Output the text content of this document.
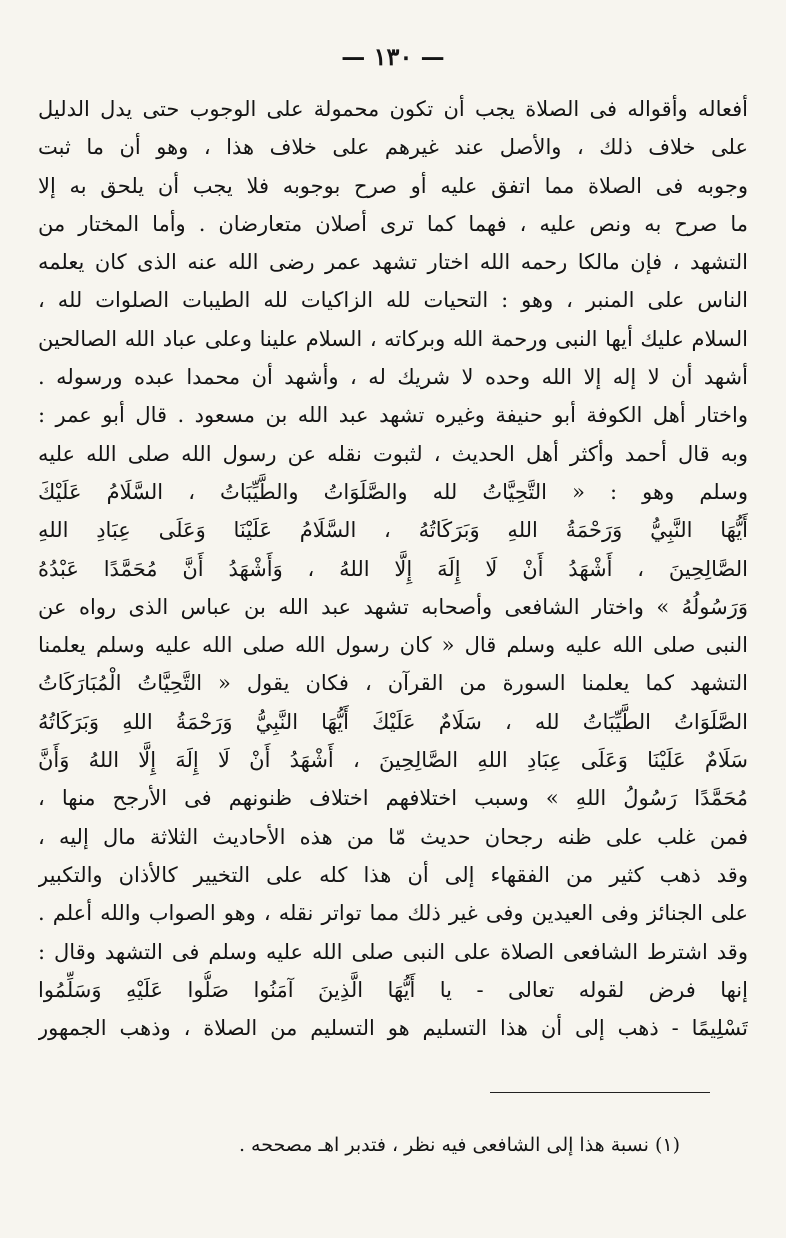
— ١٣٠ —
أفعاله وأقواله فى الصلاة يجب أن تكون محمولة على الوجوب حتى يدل الدليل
على خلاف ذلك ، والأصل عند غيرهم على خلاف هذا ، وهو أن ما ثبت
وجوبه فى الصلاة مما اتفق عليه أو صرح بوجوبه فلا يجب أن يلحق به إلا
ما صرح به ونص عليه ، فهما كما ترى أصلان متعارضان . وأما المختار من
التشهد ، فإن مالكا رحمه الله اختار تشهد عمر رضى الله عنه الذى كان يعلمه
الناس على المنبر ، وهو : التحيات لله الزاكيات لله الطيبات الصلوات لله ،
السلام عليك أيها النبى ورحمة الله وبركاته ، السلام علينا وعلى عباد الله الصالحين
أشهد أن لا إله إلا الله وحده لا شريك له ، وأشهد أن محمدا عبده ورسوله .
واختار أهل الكوفة أبو حنيفة وغيره تشهد عبد الله بن مسعود . قال أبو عمر :
وبه قال أحمد وأكثر أهل الحديث ، لثبوت نقله عن رسول الله صلى الله عليه
وسلم وهو : « التَّحِيَّاتُ لله والصَّلَوَاتُ والطَّيِّبَاتُ ، السَّلَامُ عَلَيْكَ
أَيُّهَا النَّبِيُّ وَرَحْمَةُ اللهِ وَبَرَكَاتُهُ ، السَّلَامُ عَلَيْنَا وَعَلَى عِبَادِ اللهِ
الصَّالِحِينَ ، أَشْهَدُ أَنْ لَا إِلَهَ إِلَّا اللهُ ، وَأَشْهَدُ أَنَّ مُحَمَّدًا عَبْدُهُ
وَرَسُولُهُ » واختار الشافعى وأصحابه تشهد عبد الله بن عباس الذى رواه عن
النبى صلى الله عليه وسلم قال « كان رسول الله صلى الله عليه وسلم يعلمنا
التشهد كما يعلمنا السورة من القرآن ، فكان يقول « التَّحِيَّاتُ الْمُبَارَكَاتُ
الصَّلَوَاتُ الطَّيِّبَاتُ لله ، سَلَامٌ عَلَيْكَ أَيُّهَا النَّبِيُّ وَرَحْمَةُ اللهِ وَبَرَكَاتُهُ
سَلَامٌ عَلَيْنَا وَعَلَى عِبَادِ اللهِ الصَّالِحِينَ ، أَشْهَدُ أَنْ لَا إِلَهَ إِلَّا اللهُ وَأَنَّ
مُحَمَّدًا رَسُولُ اللهِ » وسبب اختلافهم اختلاف ظنونهم فى الأرجح منها ،
فمن غلب على ظنه رجحان حديث مّا من هذه الأحاديث الثلاثة مال إليه ،
وقد ذهب كثير من الفقهاء إلى أن هذا كله على التخيير كالأذان والتكبير
على الجنائز وفى العيدين وفى غير ذلك مما تواتر نقله ، وهو الصواب والله أعلم .
وقد اشترط الشافعى الصلاة على النبى صلى الله عليه وسلم فى التشهد وقال :
إنها فرض لقوله تعالى - يا أَيُّهَا الَّذِينَ آمَنُوا صَلُّوا عَلَيْهِ وَسَلِّمُوا
تَسْلِيمًا - ذهب إلى أن هذا التسليم هو التسليم من الصلاة ، وذهب الجمهور
(١) نسبة هذا إلى الشافعى فيه نظر ، فتدبر اهـ مصححه .
